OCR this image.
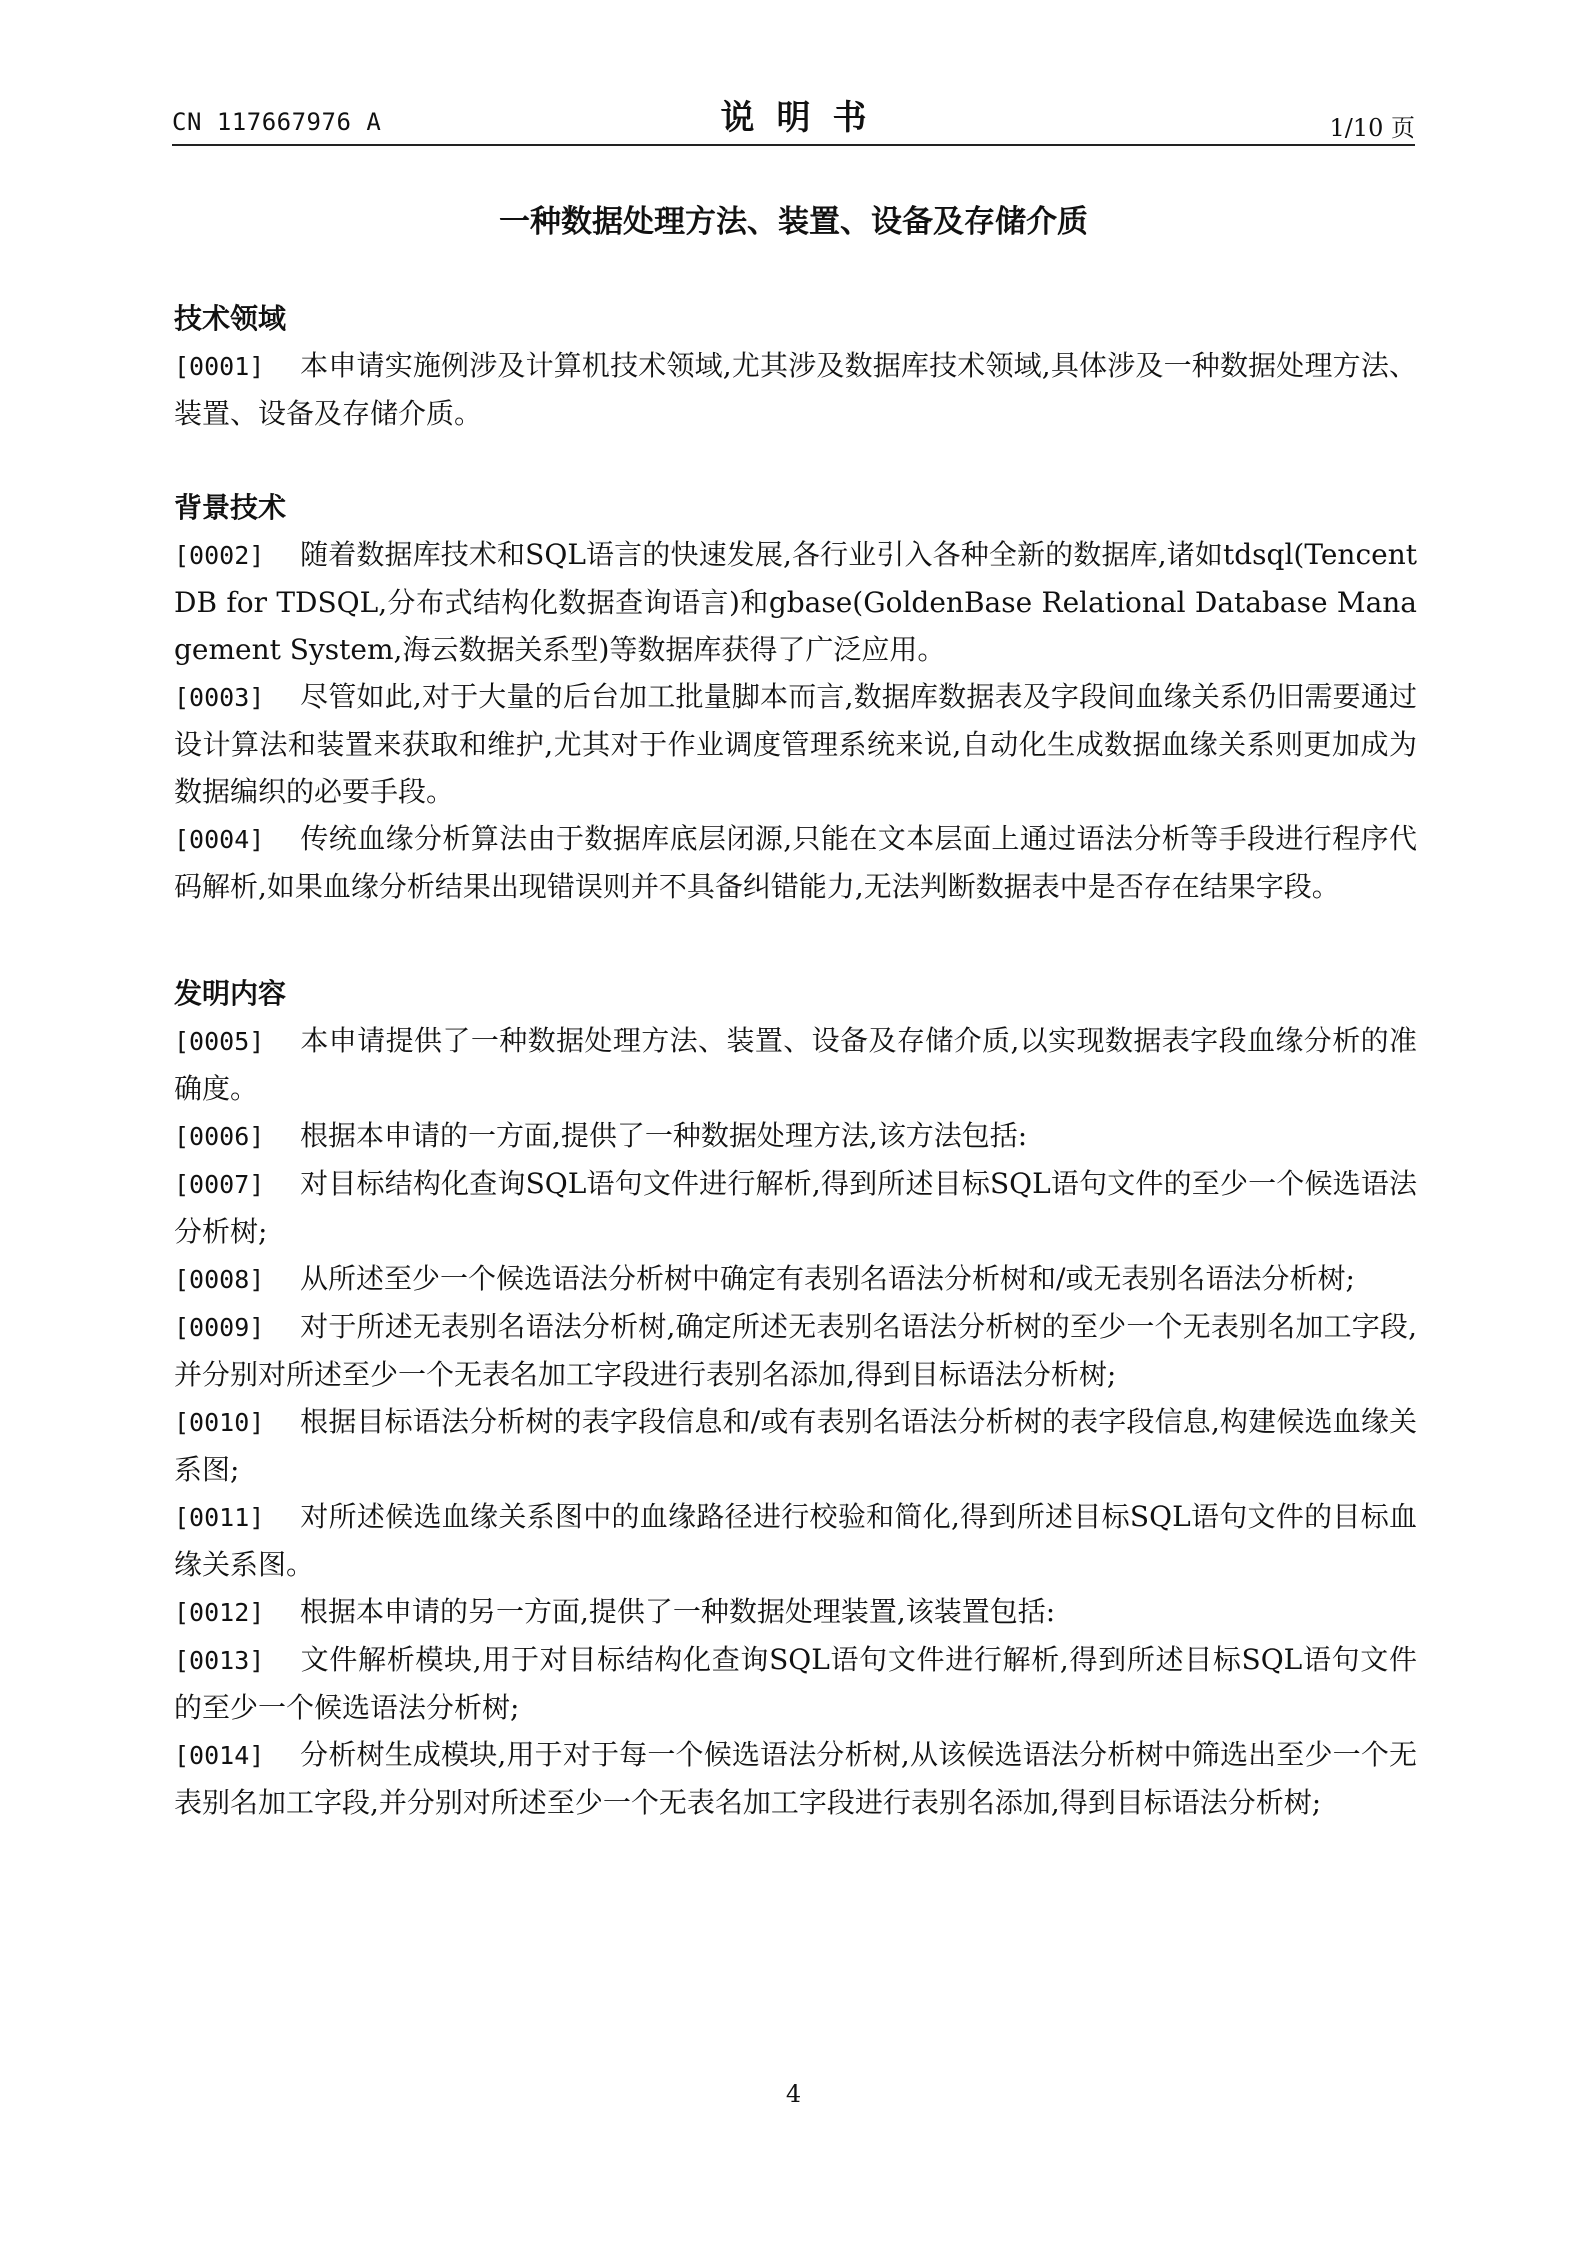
CN 117667976 A	说明书	1/10 页
一种数据处理方法、装置、设备及存储介质
技术领域
[0001] 本申请实施例涉及计算机技术领域,尤其涉及数据库技术领域,具体涉及一种数据处理方法、装置、设备及存储介质。
背景技术
[0002] 随着数据库技术和SQL语言的快速发展,各行业引入各种全新的数据库,诸如tdsql(TencentDB for TDSQL,分布式结构化数据查询语言)和gbase(GoldenBase Relational Database Management System,海云数据关系型)等数据库获得了广泛应用。
[0003] 尽管如此,对于大量的后台加工批量脚本而言,数据库数据表及字段间血缘关系仍旧需要通过设计算法和装置来获取和维护,尤其对于作业调度管理系统来说,自动化生成数据血缘关系则更加成为数据编织的必要手段。
[0004] 传统血缘分析算法由于数据库底层闭源,只能在文本层面上通过语法分析等手段进行程序代码解析,如果血缘分析结果出现错误则并不具备纠错能力,无法判断数据表中是否存在结果字段。
发明内容
[0005] 本申请提供了一种数据处理方法、装置、设备及存储介质,以实现数据表字段血缘分析的准确度。
[0006] 根据本申请的一方面,提供了一种数据处理方法,该方法包括:
[0007] 对目标结构化查询SQL语句文件进行解析,得到所述目标SQL语句文件的至少一个候选语法分析树;
[0008] 从所述至少一个候选语法分析树中确定有表别名语法分析树和/或无表别名语法分析树;
[0009] 对于所述无表别名语法分析树,确定所述无表别名语法分析树的至少一个无表别名加工字段,并分别对所述至少一个无表名加工字段进行表别名添加,得到目标语法分析树;
[0010] 根据目标语法分析树的表字段信息和/或有表别名语法分析树的表字段信息,构建候选血缘关系图;
[0011] 对所述候选血缘关系图中的血缘路径进行校验和简化,得到所述目标SQL语句文件的目标血缘关系图。
[0012] 根据本申请的另一方面,提供了一种数据处理装置,该装置包括:
[0013] 文件解析模块,用于对目标结构化查询SQL语句文件进行解析,得到所述目标SQL语句文件的至少一个候选语法分析树;
[0014] 分析树生成模块,用于对于每一个候选语法分析树,从该候选语法分析树中筛选出至少一个无表别名加工字段,并分别对所述至少一个无表名加工字段进行表别名添加,得到目标语法分析树;
4
